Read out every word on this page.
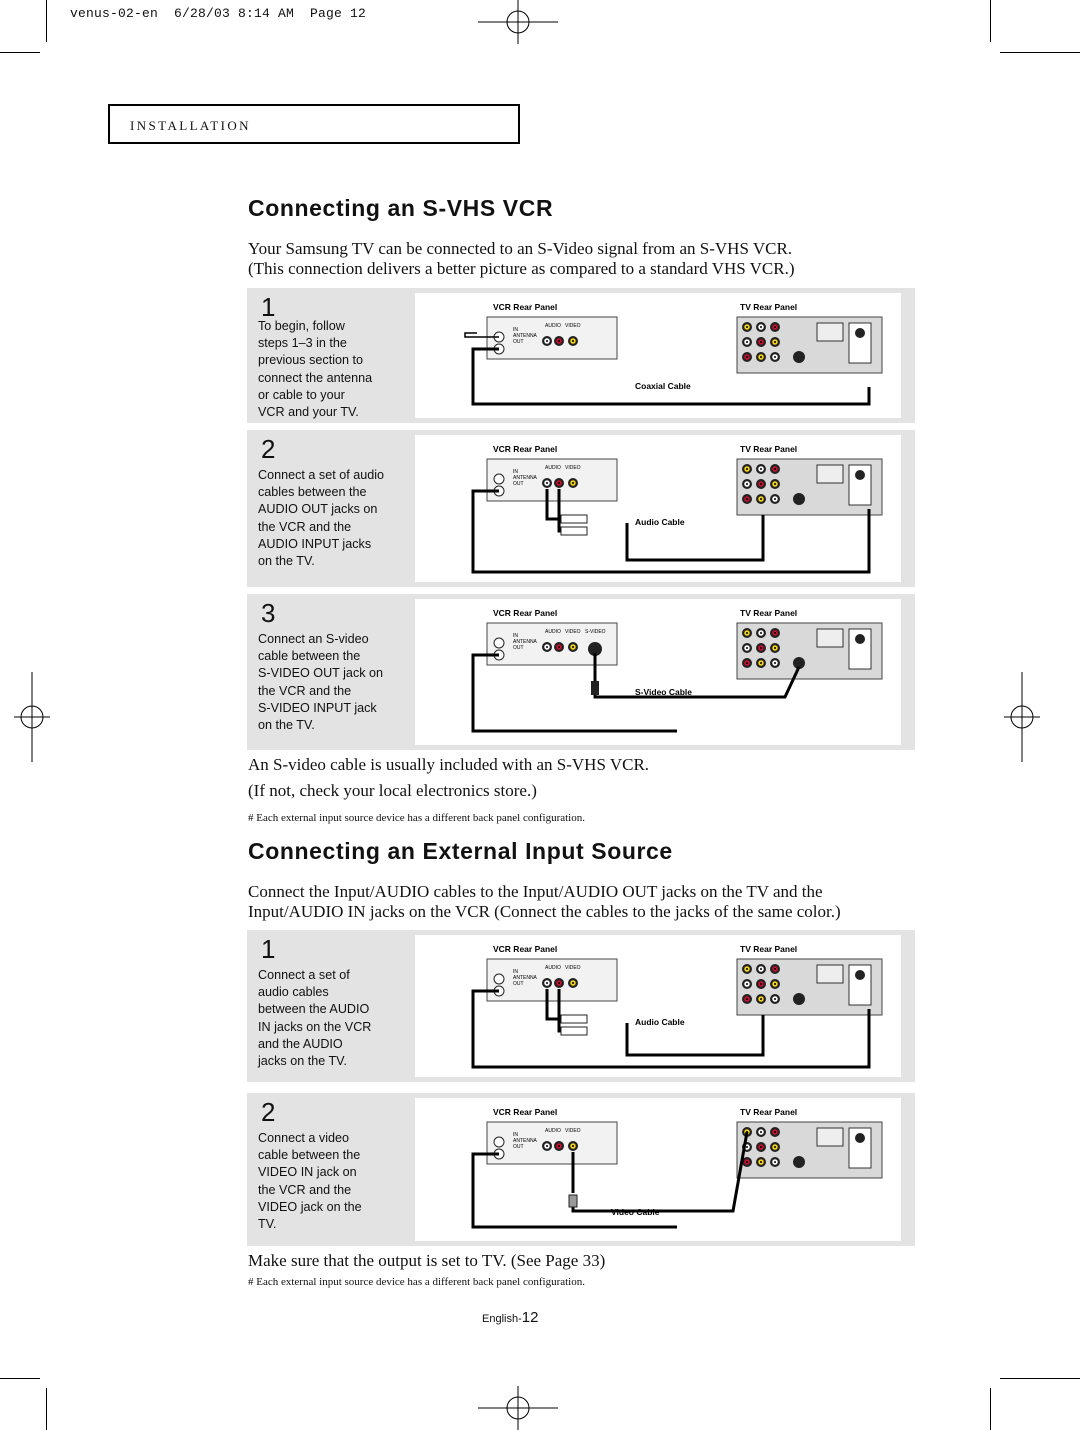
venus-02-en  6/28/03 8:14 AM  Page 12
INSTALLATION
Connecting an S-VHS VCR
Your Samsung TV can be connected to an S-Video signal from an S-VHS VCR.
(This connection delivers a better picture as compared to a standard VHS VCR.)
1
To begin, follow
steps 1–3 in the
previous section to
connect the antenna
or cable to your
VCR and your TV.
VCR Rear Panel	TV Rear Panel
IN
ANTENNA
OUT
AUDIO VIDEO
Coaxial Cable
2
Connect a set of audio
cables between the
AUDIO OUT jacks on
the VCR and the
AUDIO INPUT jacks
on the TV.
VCR Rear Panel	TV Rear Panel
IN
ANTENNA
OUT
AUDIO VIDEO
Audio Cable
3
Connect an S-video
cable between the
S-VIDEO OUT jack on
the VCR and the
S-VIDEO INPUT jack
on the TV.
VCR Rear Panel	TV Rear Panel
IN
ANTENNA
OUT
AUDIO VIDEO S-VIDEO
S-Video Cable
An S-video cable is usually included with an S-VHS VCR.
(If not, check your local electronics store.)
# Each external input source device has a different back panel configuration.
Connecting an External Input Source
Connect the Input/AUDIO cables to the Input/AUDIO OUT jacks on the TV and the
Input/AUDIO IN jacks on the VCR (Connect the cables to the jacks of the same color.)
1
Connect a set of
audio cables
between the AUDIO
IN jacks on the VCR
and the AUDIO
jacks on the TV.
VCR Rear Panel	TV Rear Panel
IN
ANTENNA
OUT
AUDIO VIDEO
Audio Cable
2
Connect a video
cable between the
VIDEO IN jack on
the VCR and the
VIDEO jack on the
TV.
VCR Rear Panel	TV Rear Panel
IN
ANTENNA
OUT
AUDIO VIDEO
Video Cable
Make sure that the output is set to TV. (See Page 33)
# Each external input source device has a different back panel configuration.
English-12
